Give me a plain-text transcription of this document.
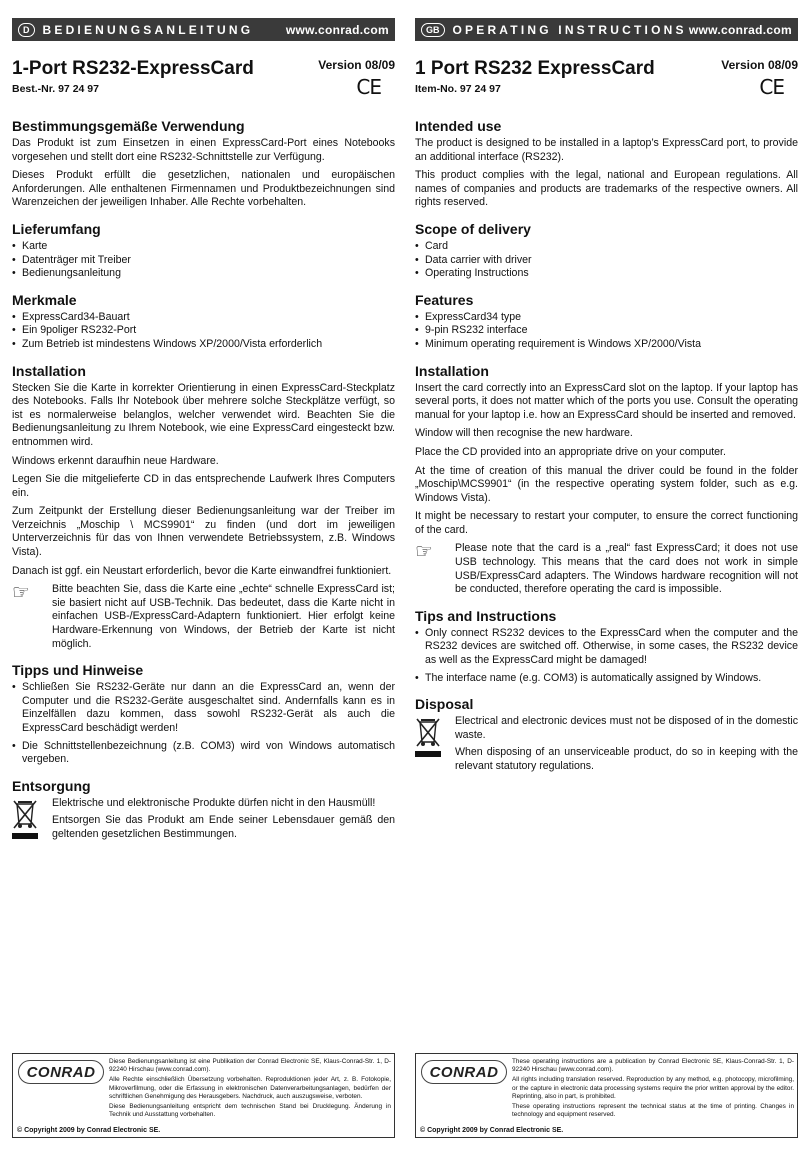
D	BEDIENUNGSANLEITUNG	www.conrad.com
1-Port RS232-ExpressCard
Best.-Nr. 97 24 97
Version 08/09
CE
Bestimmungsgemäße Verwendung

Das Produkt ist zum Einsetzen in einen ExpressCard-Port eines Notebooks vorgesehen und stellt dort eine RS232-Schnittstelle zur Verfügung.

Dieses Produkt erfüllt die gesetzlichen, nationalen und europäischen Anforderungen. Alle enthaltenen Firmennamen und Produktbezeichnungen sind Warenzeichen der jeweiligen Inhaber. Alle Rechte vorbehalten.

Lieferumfang
• Karte
• Datenträger mit Treiber
• Bedienungsanleitung
Merkmale
• ExpressCard34-Bauart
• Ein 9poliger RS232-Port
• Zum Betrieb ist mindestens Windows XP/2000/Vista erforderlich
Installation

Stecken Sie die Karte in korrekter Orientierung in einen ExpressCard-Steckplatz des Notebooks. Falls Ihr Notebook über mehrere solche Steckplätze verfügt, so ist es normalerweise belanglos, welcher verwendet wird. Beachten Sie die Bedienungsanleitung zu Ihrem Notebook, wie eine ExpressCard eingesteckt bzw. entnommen wird.

Windows erkennt daraufhin neue Hardware.

Legen Sie die mitgelieferte CD in das entsprechende Laufwerk Ihres Computers ein.

Zum Zeitpunkt der Erstellung dieser Bedienungsanleitung war der Treiber im Verzeichnis „Moschip \ MCS9901“ zu finden (und dort im jeweiligen Unterverzeichnis für das von Ihnen verwendete Betriebssystem, z.B. Windows Vista).

Danach ist ggf. ein Neustart erforderlich, bevor die Karte einwandfrei funktioniert.

☞	Bitte beachten Sie, dass die Karte eine „echte“ schnelle ExpressCard ist; sie basiert nicht auf USB-Technik. Das bedeutet, dass die Karte nicht in einfachen USB-/ExpressCard-Adaptern funktioniert. Hier erfolgt keine Hardware-Erkennung von Windows, der Betrieb der Karte ist nicht möglich.

Tipps und Hinweise
• Schließen Sie RS232-Geräte nur dann an die ExpressCard an, wenn der Computer und die RS232-Geräte ausgeschaltet sind. Andernfalls kann es in Einzelfällen dazu kommen, dass sowohl RS232-Gerät als auch die ExpressCard beschädigt werden!
• Die Schnittstellenbezeichnung (z.B. COM3) wird von Windows automatisch vergeben.
Entsorgung

Elektrische und elektronische Produkte dürfen nicht in den Hausmüll!

Entsorgen Sie das Produkt am Ende seiner Lebensdauer gemäß den geltenden gesetzlichen Bestimmungen.

CONRAD

Diese Bedienungsanleitung ist eine Publikation der Conrad Electronic SE, Klaus-Conrad-Str. 1, D-92240 Hirschau (www.conrad.com).

Alle Rechte einschließlich Übersetzung vorbehalten. Reproduktionen jeder Art, z. B. Fotokopie, Mikroverfilmung, oder die Erfassung in elektronischen Datenverarbeitungsanlagen, bedürfen der schriftlichen Genehmigung des Herausgebers. Nachdruck, auch auszugsweise, verboten.

Diese Bedienungsanleitung entspricht dem technischen Stand bei Drucklegung. Änderung in Technik und Ausstattung vorbehalten.

© Copyright 2009 by Conrad Electronic SE.
GB	OPERATING INSTRUCTIONS www.conrad.com
1 Port RS232 ExpressCard
Item-No. 97 24 97
Version 08/09
CE
Intended use

The product is designed to be installed in a laptop’s ExpressCard port, to provide an additional interface (RS232).

This product complies with the legal, national and European regulations. All names of companies and products are trademarks of the respective owners. All rights reserved.

Scope of delivery
• Card
• Data carrier with driver
• Operating Instructions
Features
• ExpressCard34 type
• 9-pin RS232 interface
• Minimum operating requirement is Windows XP/2000/Vista
Installation

Insert the card correctly into an ExpressCard slot on the laptop. If your laptop has several ports, it does not matter which of the ports you use. Consult the operating manual for your laptop i.e. how an ExpressCard should be inserted and removed.

Window will then recognise the new hardware.

Place the CD provided into an appropriate drive on your computer.

At the time of creation of this manual the driver could be found in the folder „Moschip\MCS9901“ (in the respective operating system folder, such as e.g. Windows Vista).

It might be necessary to restart your computer, to ensure the correct functioning of the card.

☞	Please note that the card is a „real“ fast ExpressCard; it does not use USB technology. This means that the card does not work in simple USB/ExpressCard adapters. The Windows hardware recognition will not be conducted, therefore operating the card is impossible.

Tips and Instructions
• Only connect RS232 devices to the ExpressCard when the computer and the RS232 devices are switched off. Otherwise, in some cases, the RS232 device as well as the ExpressCard might be damaged!
• The interface name (e.g. COM3) is automatically assigned by Windows.
Disposal

Electrical and electronic devices must not be disposed of in the domestic waste.

When disposing of an unserviceable product, do so in keeping with the relevant statutory regulations.

CONRAD

These operating instructions are a publication by Conrad Electronic SE, Klaus-Conrad-Str. 1, D-92240 Hirschau (www.conrad.com).

All rights including translation reserved. Reproduction by any method, e.g. photocopy, microfilming, or the capture in electronic data processing systems require the prior written approval by the editor. Reprinting, also in part, is prohibited.

These operating instructions represent the technical status at the time of printing. Changes in technology and equipment reserved.

© Copyright 2009 by Conrad Electronic SE.
